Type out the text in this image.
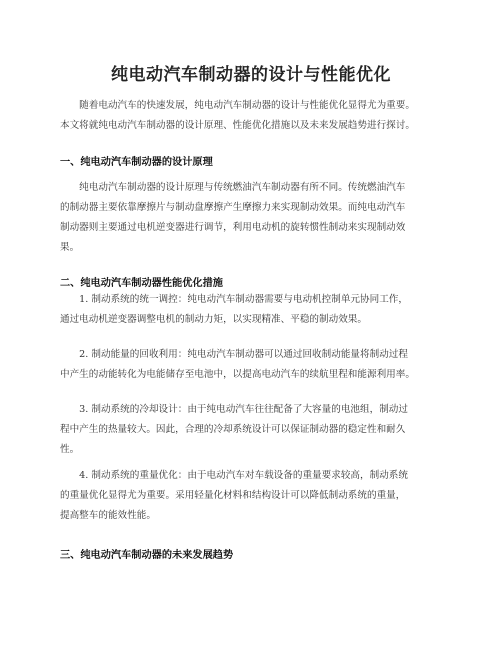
纯电动汽车制动器的设计与性能优化
　　随着电动汽车的快速发展，纯电动汽车制动器的设计与性能优化显得尤为重要。
本文将就纯电动汽车制动器的设计原理、性能优化措施以及未来发展趋势进行探讨。
一、纯电动汽车制动器的设计原理
　　纯电动汽车制动器的设计原理与传统燃油汽车制动器有所不同。传统燃油汽车
的制动器主要依靠摩擦片与制动盘摩擦产生摩擦力来实现制动效果。而纯电动汽车
制动器则主要通过电机逆变器进行调节，利用电动机的旋转惯性制动来实现制动效
果。
二、纯电动汽车制动器性能优化措施
　　1. 制动系统的统一调控：纯电动汽车制动器需要与电动机控制单元协同工作，
通过电动机逆变器调整电机的制动力矩，以实现精准、平稳的制动效果。
　　2. 制动能量的回收利用：纯电动汽车制动器可以通过回收制动能量将制动过程
中产生的动能转化为电能储存至电池中，以提高电动汽车的续航里程和能源利用率。
　　3. 制动系统的冷却设计：由于纯电动汽车往往配备了大容量的电池组，制动过
程中产生的热量较大。因此，合理的冷却系统设计可以保证制动器的稳定性和耐久
性。
　　4. 制动系统的重量优化：由于电动汽车对车载设备的重量要求较高，制动系统
的重量优化显得尤为重要。采用轻量化材料和结构设计可以降低制动系统的重量，
提高整车的能效性能。
三、纯电动汽车制动器的未来发展趋势
